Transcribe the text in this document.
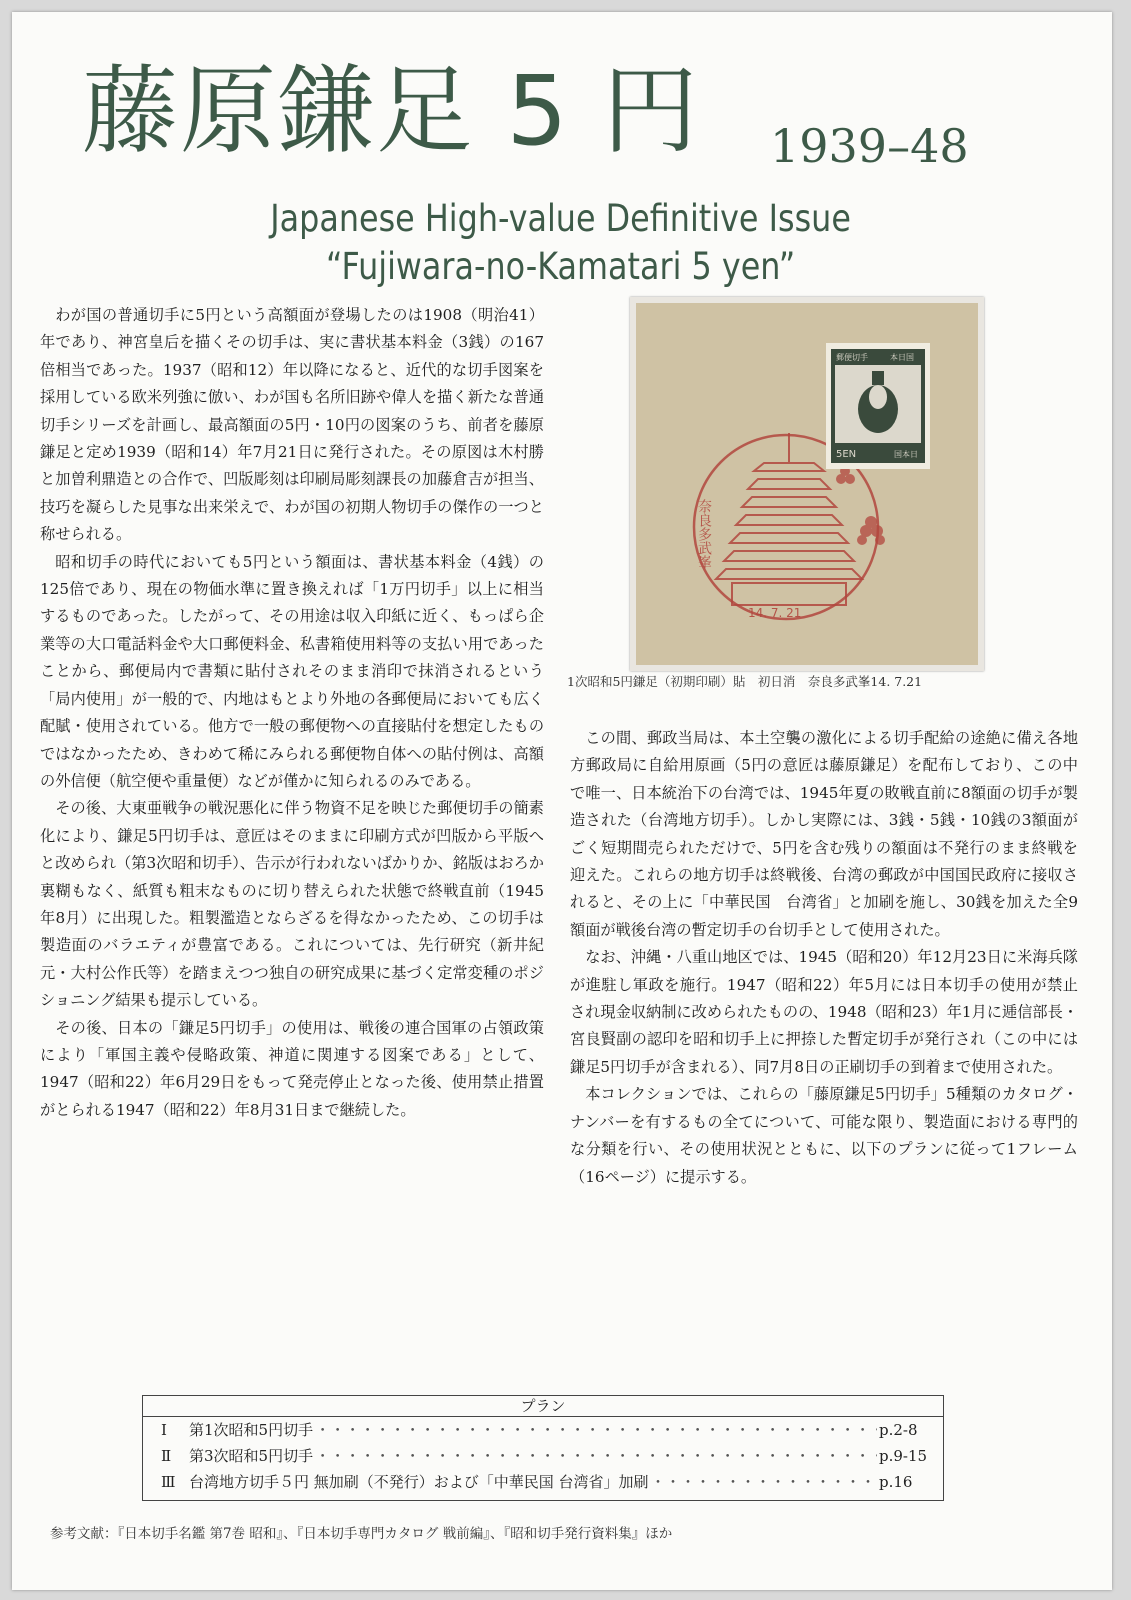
藤原鎌足 5 円 1939–48
Japanese High-value Definitive Issue
“Fujiwara-no-Kamatari 5 yen”

わが国の普通切手に5円という高額面が登場したのは1908（明治41）年であり、神宮皇后を描くその切手は、実に書状基本料金（3銭）の167倍相当であった。1937（昭和12）年以降になると、近代的な切手図案を採用している欧米列強に倣い、わが国も名所旧跡や偉人を描く新たな普通切手シリーズを計画し、最高額面の5円・10円の図案のうち、前者を藤原鎌足と定め1939（昭和14）年7月21日に発行された。その原図は木村勝と加曽利鼎造との合作で、凹版彫刻は印刷局彫刻課長の加藤倉吉が担当、技巧を凝らした見事な出来栄えで、わが国の初期人物切手の傑作の一つと称せられる。

昭和切手の時代においても5円という額面は、書状基本料金（4銭）の125倍であり、現在の物価水準に置き換えれば「1万円切手」以上に相当するものであった。したがって、その用途は収入印紙に近く、もっぱら企業等の大口電話料金や大口郵便料金、私書箱使用料等の支払い用であったことから、郵便局内で書類に貼付されそのまま消印で抹消されるという「局内使用」が一般的で、内地はもとより外地の各郵便局においても広く配賦・使用されている。他方で一般の郵便物への直接貼付を想定したものではなかったため、きわめて稀にみられる郵便物自体への貼付例は、高額の外信便（航空便や重量便）などが僅かに知られるのみである。

その後、大東亜戦争の戦況悪化に伴う物資不足を映じた郵便切手の簡素化により、鎌足5円切手は、意匠はそのままに印刷方式が凹版から平版へと改められ（第3次昭和切手）、告示が行われないばかりか、銘版はおろか裏糊もなく、紙質も粗末なものに切り替えられた状態で終戦直前（1945年8月）に出現した。粗製濫造とならざるを得なかったため、この切手は製造面のバラエティが豊富である。これについては、先行研究（新井紀元・大村公作氏等）を踏まえつつ独自の研究成果に基づく定常変種のポジショニング結果も提示している。

その後、日本の「鎌足5円切手」の使用は、戦後の連合国軍の占領政策により「軍国主義や侵略政策、神道に関連する図案である」として、1947（昭和22）年6月29日をもって発売停止となった後、使用禁止措置がとられる1947（昭和22）年8月31日まで継続した。

奈良多武峯
14. 7. 21
郵便切手	本日国
5EN	国本日
1次昭和5円鎌足（初期印刷）貼　初日消　奈良多武峯14. 7.21

この間、郵政当局は、本土空襲の激化による切手配給の途絶に備え各地方郵政局に自給用原画（5円の意匠は藤原鎌足）を配布しており、この中で唯一、日本統治下の台湾では、1945年夏の敗戦直前に8額面の切手が製造された（台湾地方切手）。しかし実際には、3銭・5銭・10銭の3額面がごく短期間売られただけで、5円を含む残りの額面は不発行のまま終戦を迎えた。これらの地方切手は終戦後、台湾の郵政が中国国民政府に接収されると、その上に「中華民国　台湾省」と加刷を施し、30銭を加えた全9額面が戦後台湾の暫定切手の台切手として使用された。

なお、沖縄・八重山地区では、1945（昭和20）年12月23日に米海兵隊が進駐し軍政を施行。1947（昭和22）年5月には日本切手の使用が禁止され現金収納制に改められたものの、1948（昭和23）年1月に逓信部長・宮良賢副の認印を昭和切手上に押捺した暫定切手が発行され（この中には鎌足5円切手が含まれる）、同7月8日の正刷切手の到着まで使用された。

本コレクションでは、これらの「藤原鎌足5円切手」5種類のカタログ・ナンバーを有するもの全てについて、可能な限り、製造面における専門的な分類を行い、その使用状況とともに、以下のプランに従って1フレーム（16ページ）に提示する。

プラン
Ⅰ	第1次昭和5円切手 ・・・・・・・・・・・・・・・・・・・・・・・・・・・・・・・・・・・・・・・・・・・・・・・・・・・・・・・・	p.2-8
Ⅱ	第3次昭和5円切手 ・・・・・・・・・・・・・・・・・・・・・・・・・・・・・・・・・・・・・・・・・・・・・・・・・・・・・・・・	p.9-15
Ⅲ 台湾地方切手５円 無加刷（不発行）および「中華民国 台湾省」加刷 ・・・・・・・・・・・・・・・・・・・・・・・・・・・・・・・・・・・・・・・・・・・・・・・・・・・・・・・・	p.16
参考文献：『日本切手名鑑 第7巻 昭和』、『日本切手専門カタログ 戦前編』、『昭和切手発行資料集』ほか
